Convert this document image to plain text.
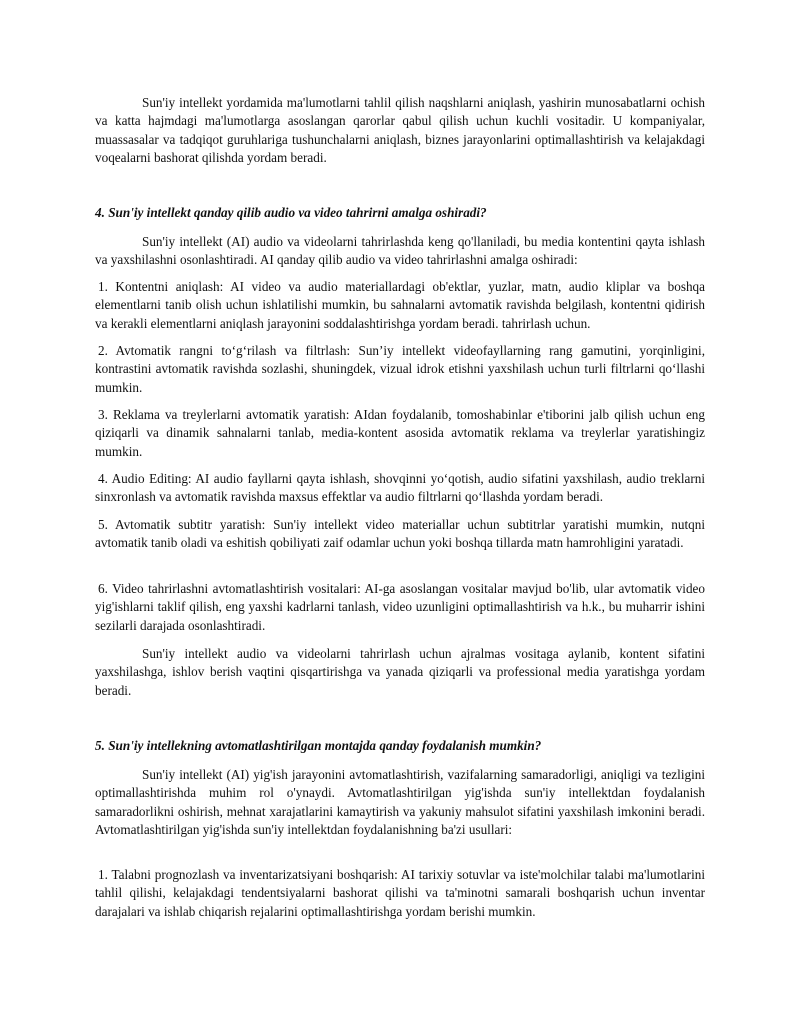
Sun'iy intellekt yordamida ma'lumotlarni tahlil qilish naqshlarni aniqlash, yashirin munosabatlarni ochish va katta hajmdagi ma'lumotlarga asoslangan qarorlar qabul qilish uchun kuchli vositadir. U kompaniyalar, muassasalar va tadqiqot guruhlariga tushunchalarni aniqlash, biznes jarayonlarini optimallashtirish va kelajakdagi voqealarni bashorat qilishda yordam beradi.

4. Sun'iy intellekt qanday qilib audio va video tahrirni amalga oshiradi?

Sun'iy intellekt (AI) audio va videolarni tahrirlashda keng qo'llaniladi, bu media kontentini qayta ishlash va yaxshilashni osonlashtiradi. AI qanday qilib audio va video tahrirlashni amalga oshiradi:

1. Kontentni aniqlash: AI video va audio materiallardagi ob'ektlar, yuzlar, matn, audio kliplar va boshqa elementlarni tanib olish uchun ishlatilishi mumkin, bu sahnalarni avtomatik ravishda belgilash, kontentni qidirish va kerakli elementlarni aniqlash jarayonini soddalashtirishga yordam beradi. tahrirlash uchun.

2. Avtomatik rangni to‘g‘rilash va filtrlash: Sun’iy intellekt videofayllarning rang gamutini, yorqinligini, kontrastini avtomatik ravishda sozlashi, shuningdek, vizual idrok etishni yaxshilash uchun turli filtrlarni qo‘llashi mumkin.

3. Reklama va treylerlarni avtomatik yaratish: AIdan foydalanib, tomoshabinlar e'tiborini jalb qilish uchun eng qiziqarli va dinamik sahnalarni tanlab, media-kontent asosida avtomatik reklama va treylerlar yaratishingiz mumkin.

4. Audio Editing: AI audio fayllarni qayta ishlash, shovqinni yo‘qotish, audio sifatini yaxshilash, audio treklarni sinxronlash va avtomatik ravishda maxsus effektlar va audio filtrlarni qo‘llashda yordam beradi.

5. Avtomatik subtitr yaratish: Sun'iy intellekt video materiallar uchun subtitrlar yaratishi mumkin, nutqni avtomatik tanib oladi va eshitish qobiliyati zaif odamlar uchun yoki boshqa tillarda matn hamrohligini yaratadi.

6. Video tahrirlashni avtomatlashtirish vositalari: AI-ga asoslangan vositalar mavjud bo'lib, ular avtomatik video yig'ishlarni taklif qilish, eng yaxshi kadrlarni tanlash, video uzunligini optimallashtirish va h.k., bu muharrir ishini sezilarli darajada osonlashtiradi.

Sun'iy intellekt audio va videolarni tahrirlash uchun ajralmas vositaga aylanib, kontent sifatini yaxshilashga, ishlov berish vaqtini qisqartirishga va yanada qiziqarli va professional media yaratishga yordam beradi.

5. Sun'iy intellekning avtomatlashtirilgan montajda qanday foydalanish mumkin?

Sun'iy intellekt (AI) yig'ish jarayonini avtomatlashtirish, vazifalarning samaradorligi, aniqligi va tezligini optimallashtirishda muhim rol o'ynaydi. Avtomatlashtirilgan yig'ishda sun'iy intellektdan foydalanish samaradorlikni oshirish, mehnat xarajatlarini kamaytirish va yakuniy mahsulot sifatini yaxshilash imkonini beradi. Avtomatlashtirilgan yig'ishda sun'iy intellektdan foydalanishning ba'zi usullari:

1. Talabni prognozlash va inventarizatsiyani boshqarish: AI tarixiy sotuvlar va iste'molchilar talabi ma'lumotlarini tahlil qilishi, kelajakdagi tendentsiyalarni bashorat qilishi va ta'minotni samarali boshqarish uchun inventar darajalari va ishlab chiqarish rejalarini optimallashtirishga yordam berishi mumkin.
